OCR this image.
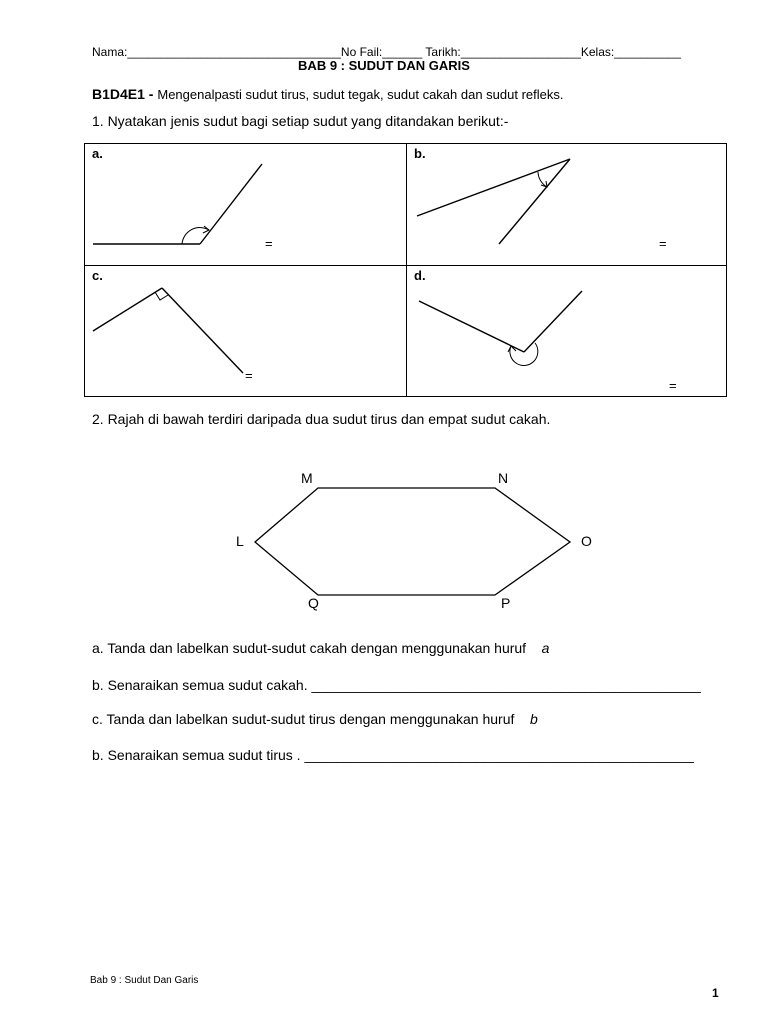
Nama:________________________________No Fail:______ Tarikh:__________________Kelas:__________
BAB 9 : SUDUT DAN GARIS
B1D4E1 - Mengenalpasti sudut tirus, sudut tegak, sudut cakah dan sudut refleks.
1. Nyatakan jenis sudut bagi setiap sudut yang ditandakan berikut:-
a.
=
b.
=
c.
=
d.
=
2. Rajah di bawah terdiri daripada dua sudut tirus dan empat sudut cakah.
M	N
O
P
Q
L
a. Tanda dan labelkan sudut-sudut cakah dengan menggunakan huruf a
b. Senaraikan semua sudut cakah. __________________________________________________
c. Tanda dan labelkan sudut-sudut tirus dengan menggunakan huruf b
b. Senaraikan semua sudut tirus . __________________________________________________
Bab 9 : Sudut Dan Garis
1
